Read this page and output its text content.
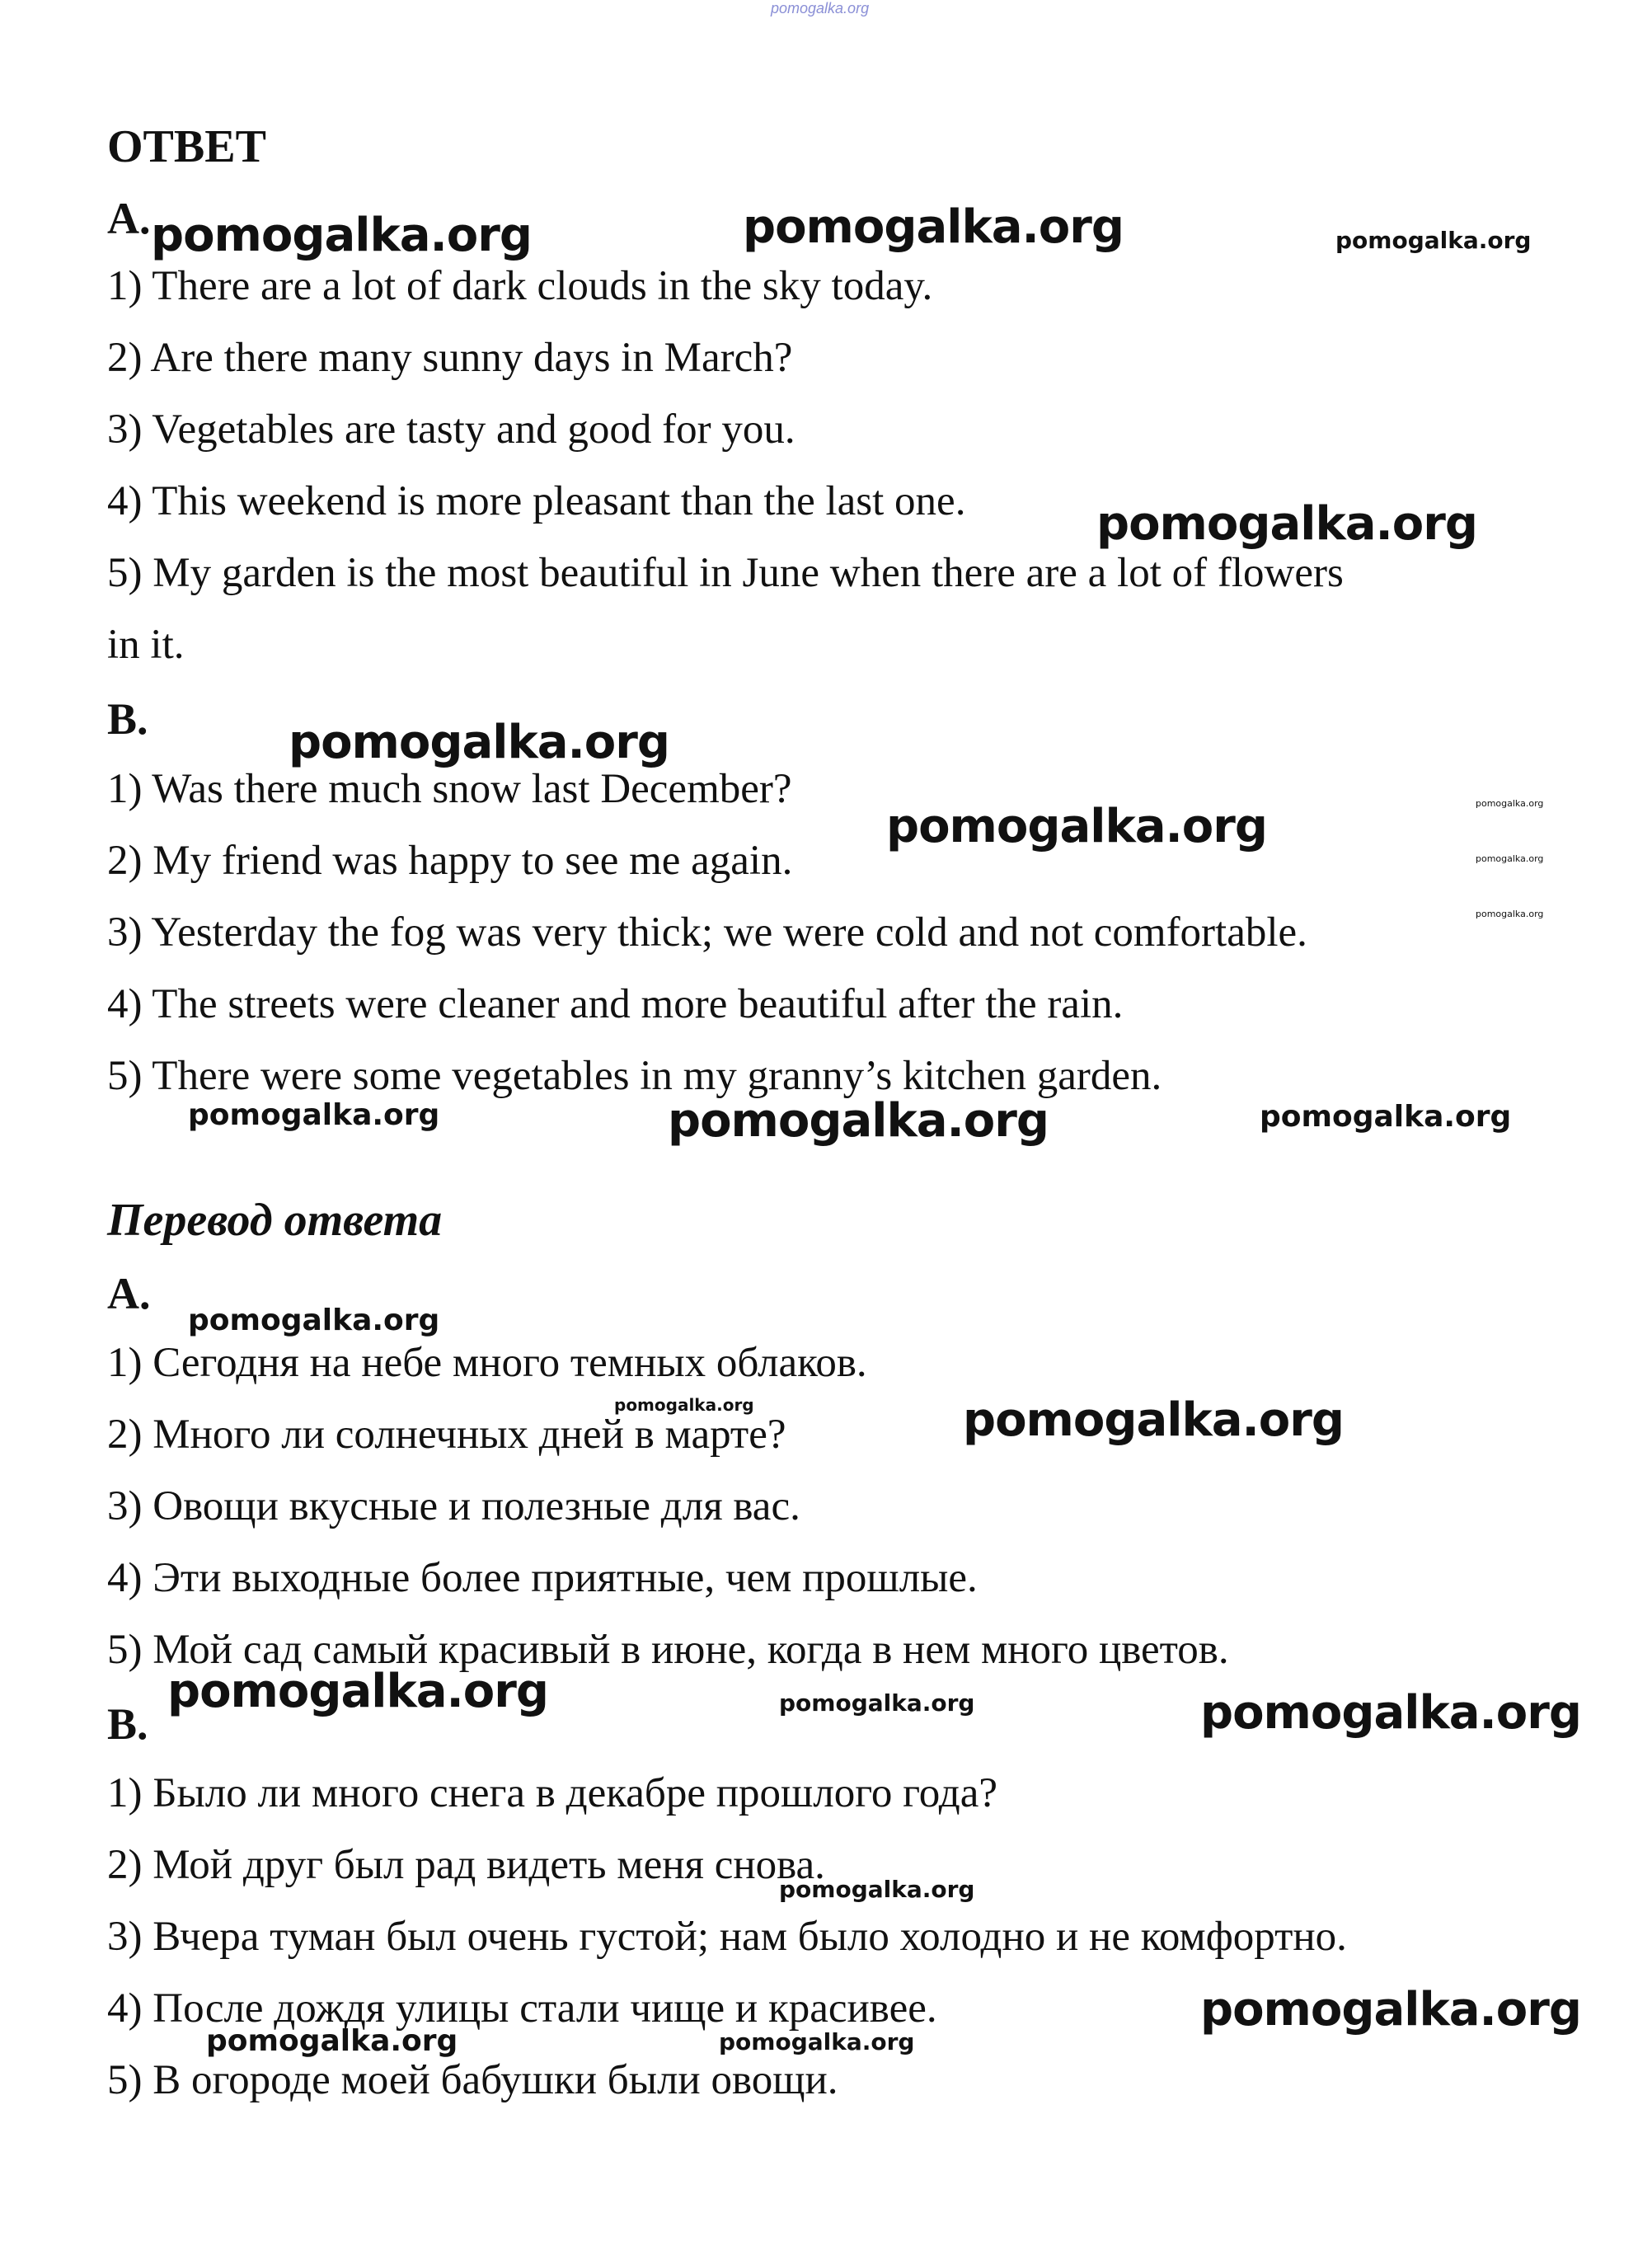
pomogalka.org
ОТВЕТ
A.
1) There are a lot of dark clouds in the sky today.
2) Are there many sunny days in March?
3) Vegetables are tasty and good for you.
4) This weekend is more pleasant than the last one.
5) My garden is the most beautiful in June when there are a lot of flowers
in it.
B.
1) Was there much snow last December?
2) My friend was happy to see me again.
3) Yesterday the fog was very thick; we were cold and not comfortable.
4) The streets were cleaner and more beautiful after the rain.
5) There were some vegetables in my granny’s kitchen garden.
Перевод ответа
A.
1) Сегодня на небе много темных облаков.
2) Много ли солнечных дней в марте?
3) Овощи вкусные и полезные для вас.
4) Эти выходные более приятные, чем прошлые.
5) Мой сад самый красивый в июне, когда в нем много цветов.
B.
1) Было ли много снега в декабре прошлого года?
2) Мой друг был рад видеть меня снова.
3) Вчера туман был очень густой; нам было холодно и не комфортно.
4) После дождя улицы стали чище и красивее.
5) В огороде моей бабушки были овощи.
pomogalka.org	pomogalka.org	pomogalka.org
pomogalka.org
pomogalka.org
pomogalka.org	pomogalka.org
pomogalka.org
pomogalka.org
pomogalka.org	pomogalka.org	pomogalka.org
pomogalka.org
pomogalka.org	pomogalka.org
pomogalka.org	pomogalka.org	pomogalka.org
pomogalka.org
pomogalka.org	pomogalka.org
pomogalka.org
